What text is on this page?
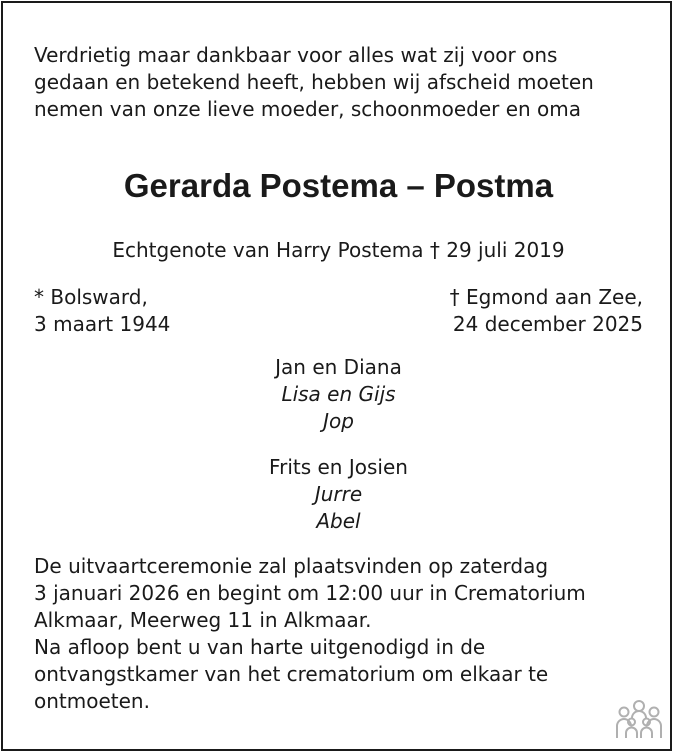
Verdrietig maar dankbaar voor alles wat zij voor ons
gedaan en betekend heeft, hebben wij afscheid moeten
nemen van onze lieve moeder, schoonmoeder en oma
Gerarda Postema – Postma
Echtgenote van Harry Postema † 29 juli 2019
* Bolsward,
3 maart 1944
† Egmond aan Zee,
24 december 2025
Jan en Diana
Lisa en Gijs
Jop
Frits en Josien
Jurre
Abel
De uitvaartceremonie zal plaatsvinden op zaterdag
3 januari 2026 en begint om 12:00 uur in Crematorium
Alkmaar, Meerweg 11 in Alkmaar.
Na afloop bent u van harte uitgenodigd in de
ontvangstkamer van het crematorium om elkaar te
ontmoeten.
